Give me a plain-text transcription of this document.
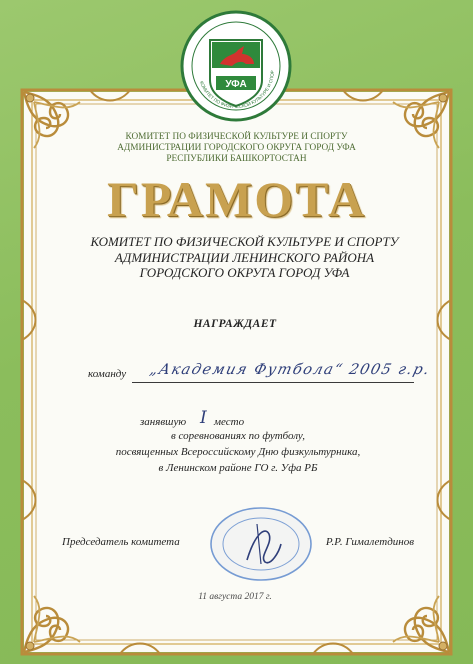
УФА
КОМИТЕТ ПО ФИЗИЧЕСКОЙ КУЛЬТУРЕ И СПОР
КОМИТЕТ ПО ФИЗИЧЕСКОЙ КУЛЬТУРЕ И СПОРТУ
АДМИНИСТРАЦИИ ГОРОДСКОГО ОКРУГА ГОРОД УФА
РЕСПУБЛИКИ БАШКОРТОСТАН
ГРАМОТА
КОМИТЕТ ПО ФИЗИЧЕСКОЙ КУЛЬТУРЕ И СПОРТУ
АДМИНИСТРАЦИИ ЛЕНИНСКОГО РАЙОНА
ГОРОДСКОГО ОКРУГА ГОРОД УФА
НАГРАЖДАЕТ
команду „Академия Футбола“ 2005 г.р.
занявшую I место
в соревнованиях по футболу,
посвященных Всероссийскому Дню физкультурника,
в Ленинском районе ГО г. Уфа РБ
Председатель комитета	Р.Р. Гималетдинов
11 августа 2017 г.
